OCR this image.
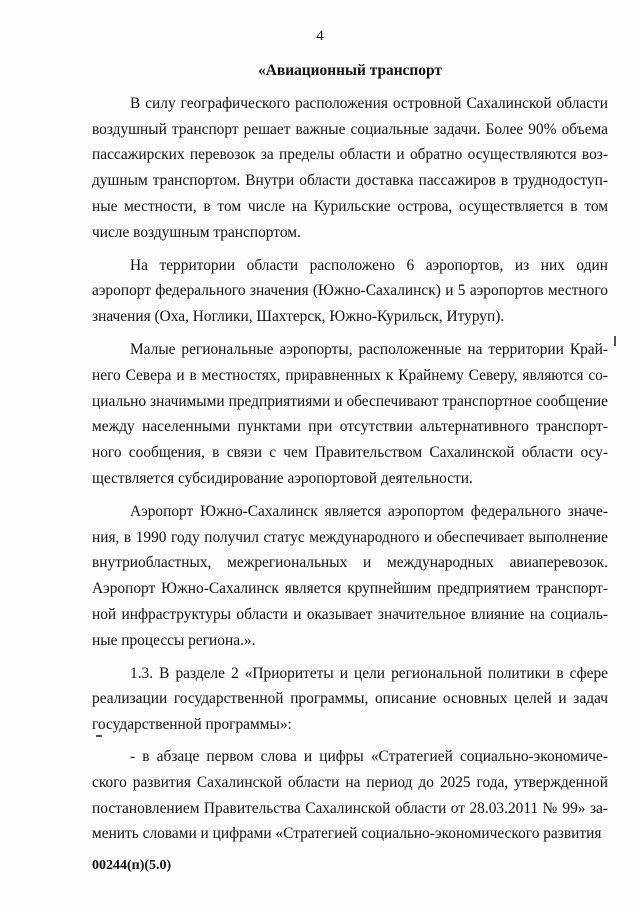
4
«Авиационный транспорт

В силу географического расположения островной Сахалинской области воздушный транспорт решает важные социальные задачи. Более 90% объема пассажирских перевозок за пределы области и обратно осуществляются воздушным транспортом. Внутри области доставка пассажиров в труднодоступные местности, в том числе на Курильские острова, осуществляется в том числе воздушным транспортом.

На территории области расположено 6 аэропортов, из них один аэропорт федерального значения (Южно-Сахалинск) и 5 аэропортов местного значения (Оха, Ноглики, Шахтерск, Южно-Курильск, Итуруп).

Малые региональные аэропорты, расположенные на территории Крайнего Севера и в местностях, приравненных к Крайнему Северу, являются социально значимыми предприятиями и обеспечивают транспортное сообщение между населенными пунктами при отсутствии альтернативного транспортного сообщения, в связи с чем Правительством Сахалинской области осуществляется субсидирование аэропортовой деятельности.

Аэропорт Южно-Сахалинск является аэропортом федерального значения, в 1990 году получил статус международного и обеспечивает выполнение внутриобластных, межрегиональных и международных авиаперевозок. Аэропорт Южно-Сахалинск является крупнейшим предприятием транспортной инфраструктуры области и оказывает значительное влияние на социальные процессы региона.».

1.3. В разделе 2 «Приоритеты и цели региональной политики в сфере реализации государственной программы, описание основных целей и задач государственной программы»:

- в абзаце первом слова и цифры «Стратегией социально-экономического развития Сахалинской области на период до 2025 года, утвержденной постановлением Правительства Сахалинской области от 28.03.2011 № 99» заменить словами и цифрами «Стратегией социально-экономического развития

00244(п)(5.0)
